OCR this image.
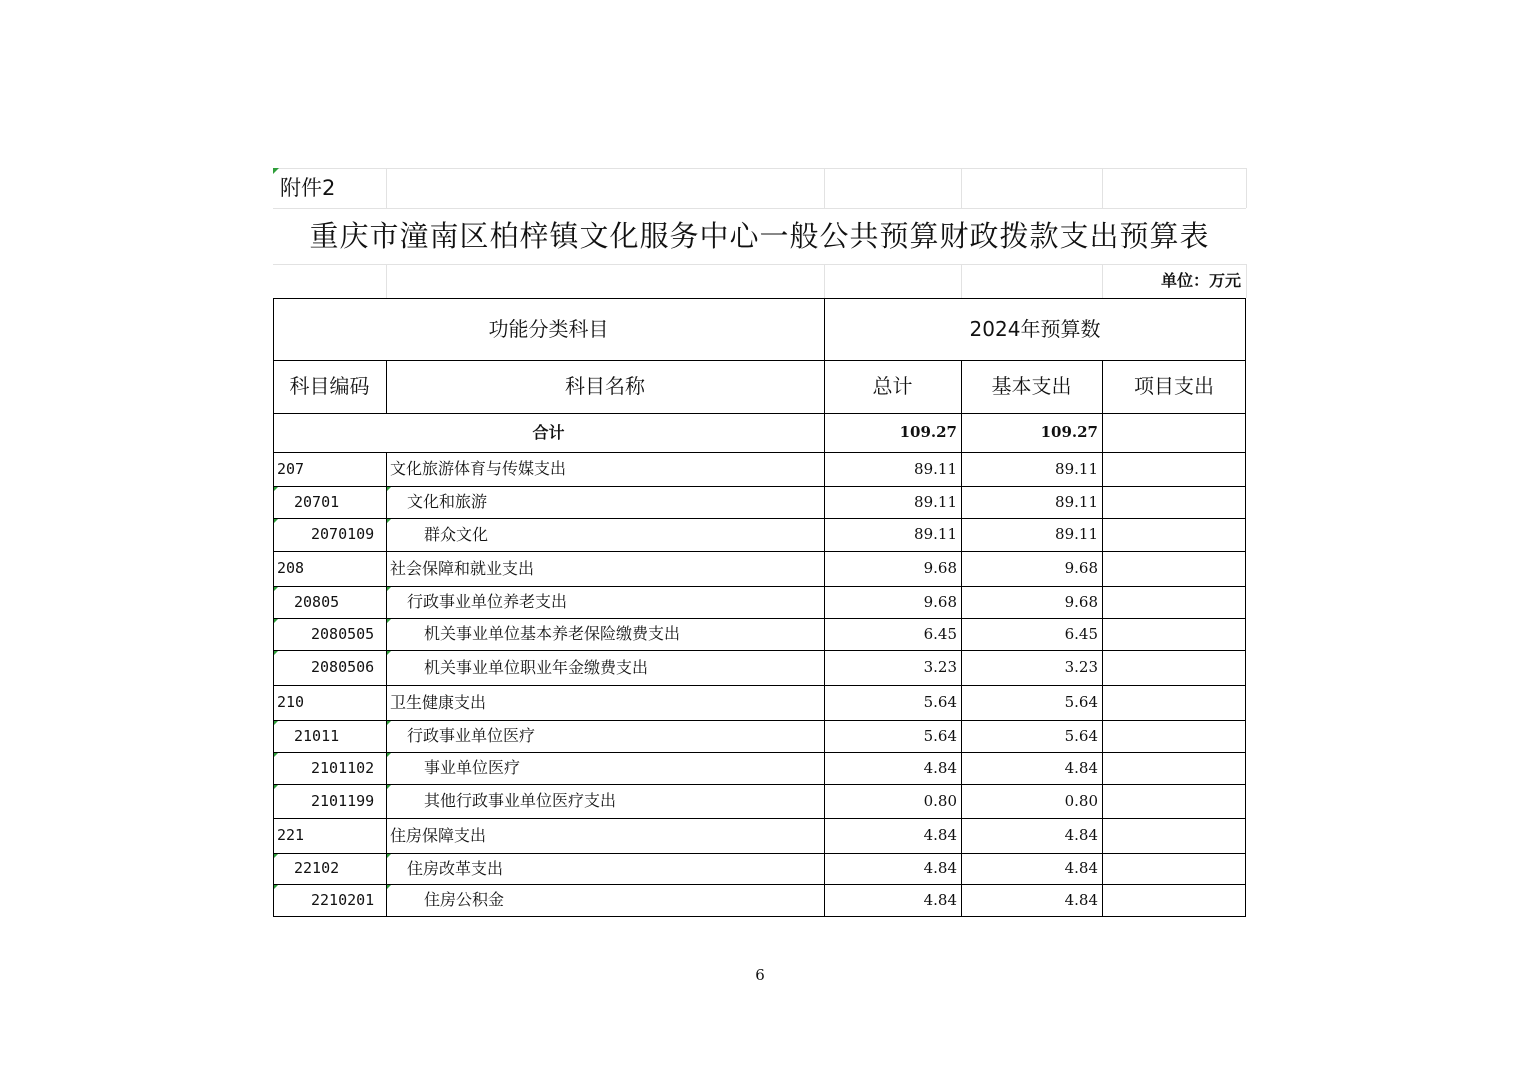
附件2
重庆市潼南区柏梓镇文化服务中心一般公共预算财政拨款支出预算表
单位：万元
功能分类科目	2024年预算数
科目编码	科目名称	总计	基本支出	项目支出
合计	109.27	109.27
207	文化旅游体育与传媒支出	89.11	89.11
20701	文化和旅游	89.11	89.11
2070109	群众文化	89.11	89.11
208	社会保障和就业支出	9.68	9.68
20805	行政事业单位养老支出	9.68	9.68
2080505	机关事业单位基本养老保险缴费支出	6.45	6.45
2080506	机关事业单位职业年金缴费支出	3.23	3.23
210	卫生健康支出	5.64	5.64
21011	行政事业单位医疗	5.64	5.64
2101102	事业单位医疗	4.84	4.84
2101199	其他行政事业单位医疗支出	0.80	0.80
221	住房保障支出	4.84	4.84
22102	住房改革支出	4.84	4.84
2210201	住房公积金	4.84	4.84
6
